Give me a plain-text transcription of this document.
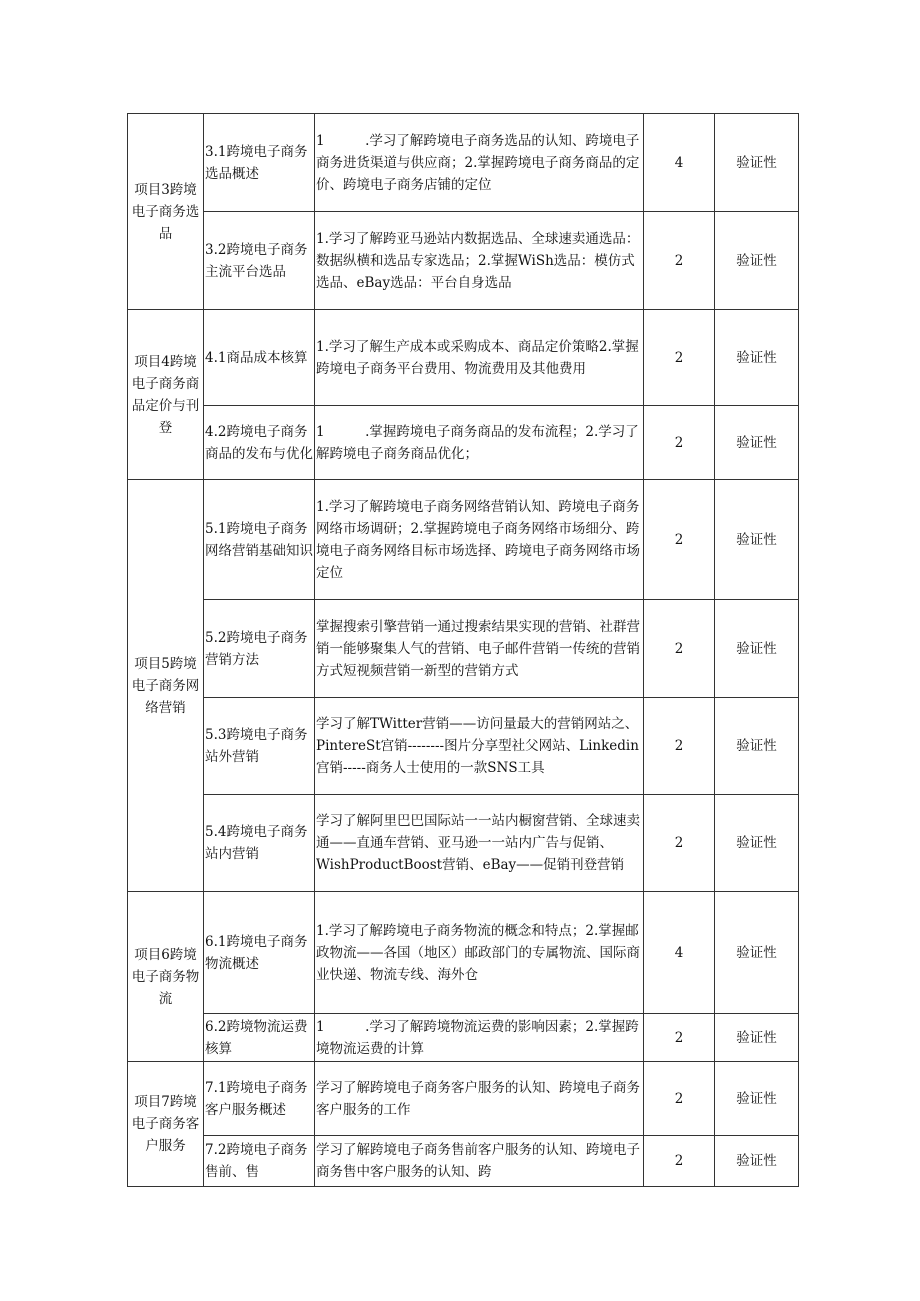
项目3跨境电子商务选品	3.1跨境电子商务选品概述	1　　　.学习了解跨境电子商务选品的认知、跨境电子商务进货渠道与供应商；2.掌握跨境电子商务商品的定价、跨境电子商务店铺的定位	4	验证性
	3.2跨境电子商务主流平台选品	1.学习了解跨亚马逊站内数据选品、全球速卖通选品：数据纵横和选品专家选品；2.掌握WiSh选品：模仿式选品、eBay选品：平台自身选品	2	验证性
项目4跨境电子商务商品定价与刊登	4.1商品成本核算	1.学习了解生产成本或采购成本、商品定价策略2.掌握跨境电子商务平台费用、物流费用及其他费用	2	验证性
	4.2跨境电子商务商品的发布与优化	1　　　.掌握跨境电子商务商品的发布流程；2.学习了解跨境电子商务商品优化；	2	验证性
项目5跨境电子商务网络营销	5.1跨境电子商务网络营销基础知识	1.学习了解跨境电子商务网络营销认知、跨境电子商务网络市场调研；2.掌握跨境电子商务网络市场细分、跨境电子商务网络目标市场选择、跨境电子商务网络市场定位	2	验证性
	5.2跨境电子商务营销方法	掌握搜索引擎营销一通过搜索结果实现的营销、社群营销一能够聚集人气的营销、电子邮件营销一传统的营销方式短视频营销一新型的营销方式	2	验证性
	5.3跨境电子商务站外营销	学习了解TWitter营销——访问量最大的营销网站之、PintereSt宫销--------图片分享型社父网站、Linkedin宫销-----商务人士使用的一款SNS工具	2	验证性
	5.4跨境电子商务站内营销	学习了解阿里巴巴国际站一一站内橱窗营销、全球速卖通——直通车营销、亚马逊一一站内广告与促销、WishProductBoost营销、eBay——促销刊登营销	2	验证性
项目6跨境电子商务物流	6.1跨境电子商务物流概述	1.学习了解跨境电子商务物流的概念和特点；2.掌握邮政物流——各国（地区）邮政部门的专属物流、国际商业快递、物流专线、海外仓	4	验证性
	6.2跨境物流运费核算	1　　　.学习了解跨境物流运费的影响因素；2.掌握跨境物流运费的计算	2	验证性
项目7跨境电子商务客户服务	7.1跨境电子商务客户服务概述	学习了解跨境电子商务客户服务的认知、跨境电子商务客户服务的工作	2	验证性
	7.2跨境电子商务售前、售	学习了解跨境电子商务售前客户服务的认知、跨境电子商务售中客户服务的认知、跨	2	验证性
